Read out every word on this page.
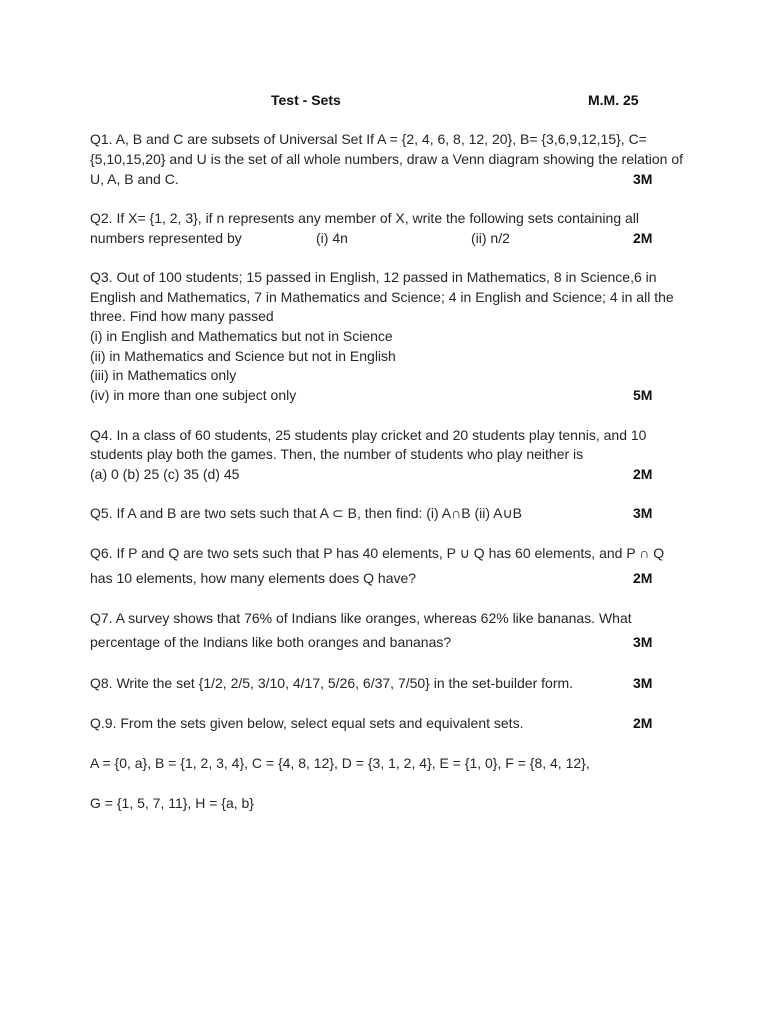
Test - Sets	M.M. 25
Q1. A, B and C are subsets of Universal Set If A = {2, 4, 6, 8, 12, 20}, B= {3,6,9,12,15}, C=
{5,10,15,20} and U is the set of all whole numbers, draw a Venn diagram showing the relation of
U, A, B and C.	3M
Q2. If X= {1, 2, 3}, if n represents any member of X, write the following sets containing all
numbers represented by	(i) 4n	(ii) n/2	2M
Q3. Out of 100 students; 15 passed in English, 12 passed in Mathematics, 8 in Science,6 in
English and Mathematics, 7 in Mathematics and Science; 4 in English and Science; 4 in all the
three. Find how many passed
(i) in English and Mathematics but not in Science
(ii) in Mathematics and Science but not in English
(iii) in Mathematics only
(iv) in more than one subject only	5M
Q4. In a class of 60 students, 25 students play cricket and 20 students play tennis, and 10
students play both the games. Then, the number of students who play neither is
(a) 0 (b) 25 (c) 35 (d) 45	2M
Q5. If A and B are two sets such that A ⊂ B, then find: (i) A∩B (ii) A∪B	3M
Q6. If P and Q are two sets such that P has 40 elements, P ∪ Q has 60 elements, and P ∩ Q
has 10 elements, how many elements does Q have?	2M
Q7. A survey shows that 76% of Indians like oranges, whereas 62% like bananas. What
percentage of the Indians like both oranges and bananas?	3M
Q8. Write the set {1/2, 2/5, 3/10, 4/17, 5/26, 6/37, 7/50} in the set-builder form.	3M
Q.9. From the sets given below, select equal sets and equivalent sets.	2M
A = {0, a}, B = {1, 2, 3, 4}, C = {4, 8, 12}, D = {3, 1, 2, 4}, E = {1, 0}, F = {8, 4, 12},
G = {1, 5, 7, 11}, H = {a, b}
